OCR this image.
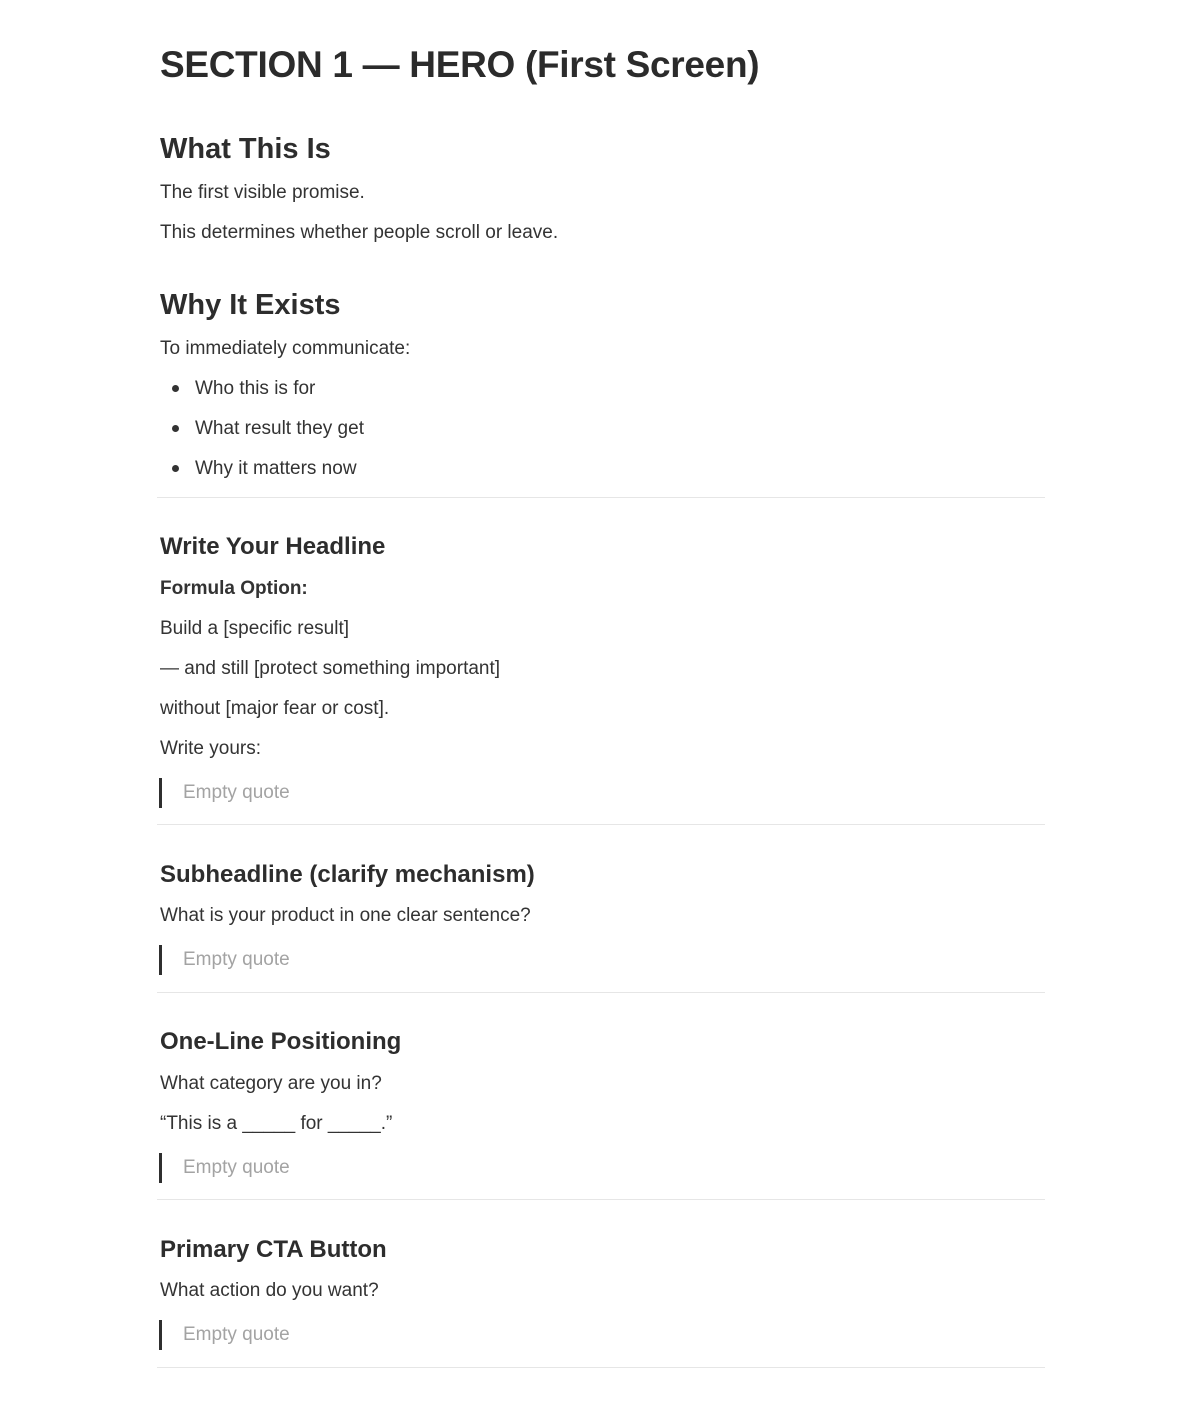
SECTION 1 — HERO (First Screen)
What This Is
The first visible promise.
This determines whether people scroll or leave.
Why It Exists
To immediately communicate:
Who this is for
What result they get
Why it matters now
Write Your Headline
Formula Option:
Build a [specific result]
— and still [protect something important]
without [major fear or cost].
Write yours:
Empty quote
Subheadline (clarify mechanism)
What is your product in one clear sentence?
Empty quote
One-Line Positioning
What category are you in?
“This is a _____ for _____.”
Empty quote
Primary CTA Button
What action do you want?
Empty quote
